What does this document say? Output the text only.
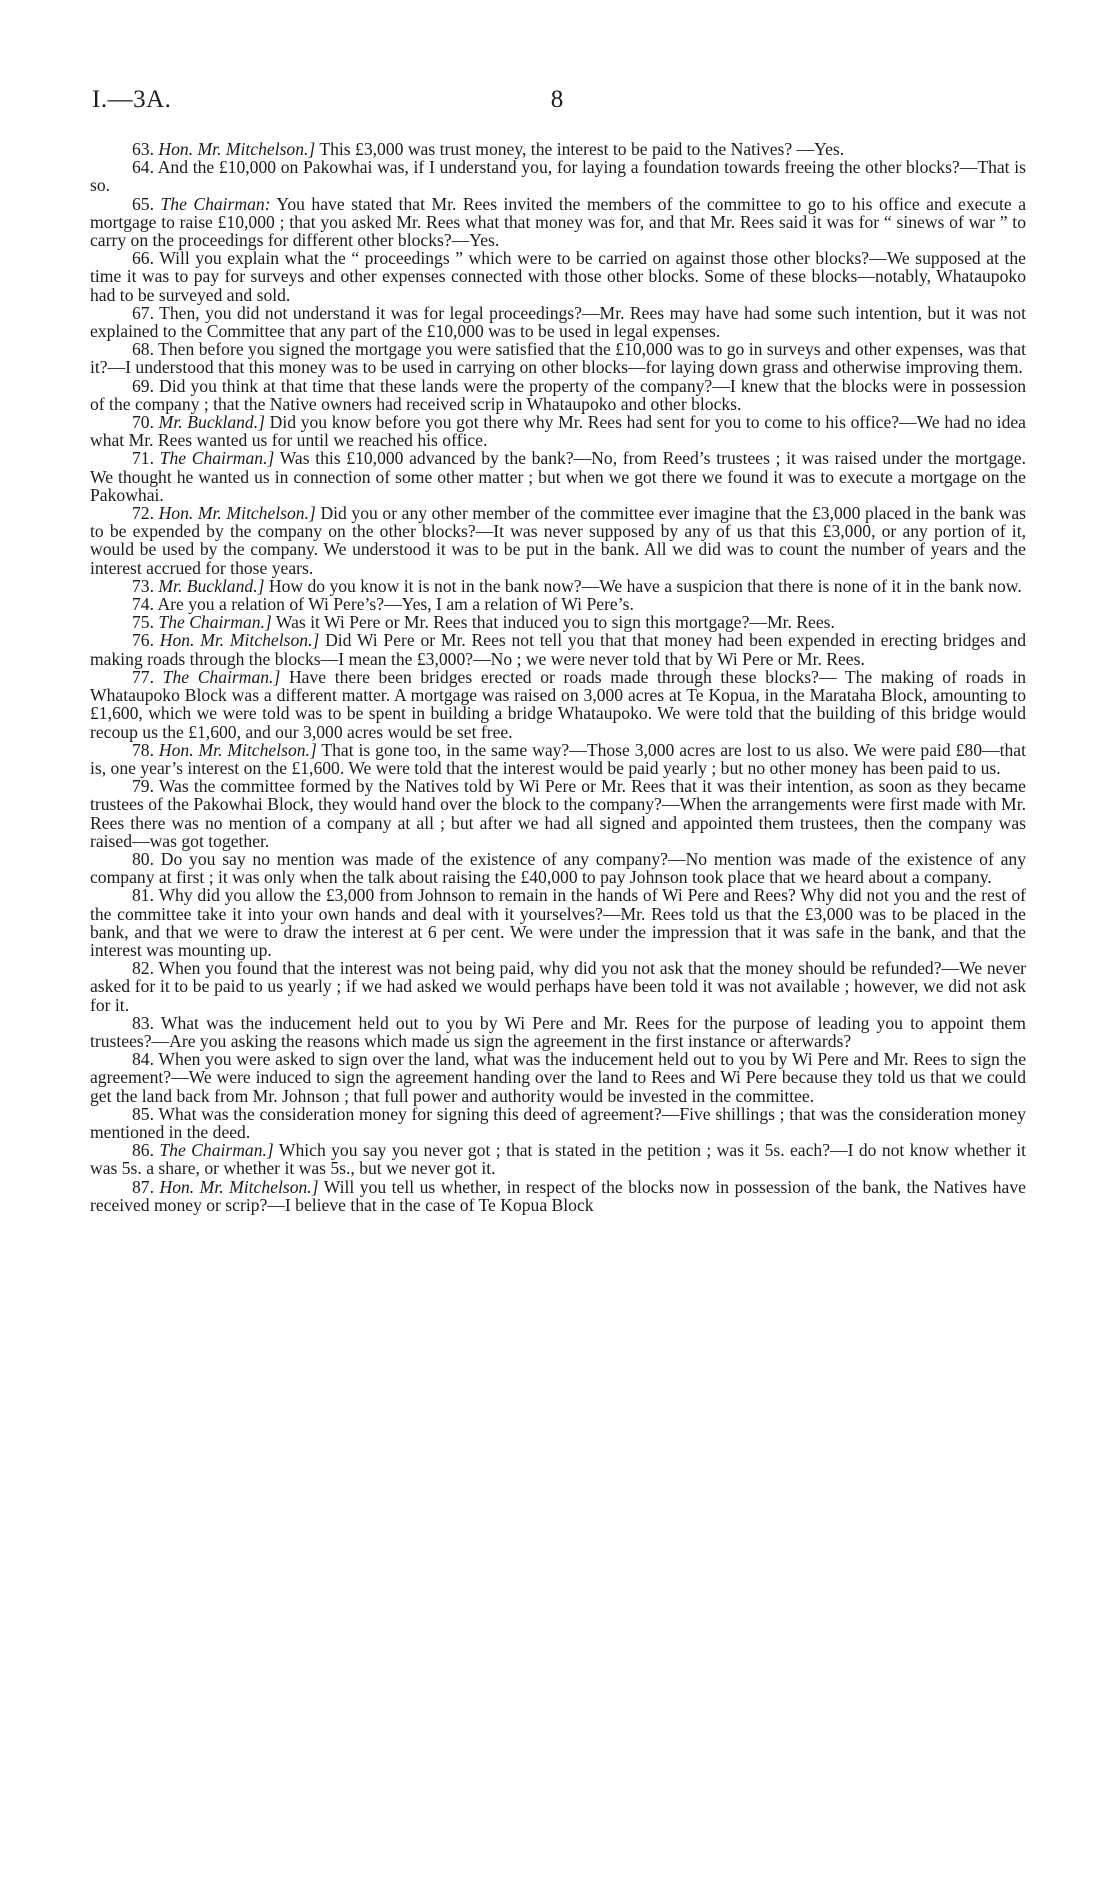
I.—3A.	8

63. Hon. Mr. Mitchelson.] This £3,000 was trust money, the interest to be paid to the Natives? —Yes.

64. And the £10,000 on Pakowhai was, if I understand you, for laying a foundation towards freeing the other blocks?—That is so.

65. The Chairman: You have stated that Mr. Rees invited the members of the committee to go to his office and execute a mortgage to raise £10,000 ; that you asked Mr. Rees what that money was for, and that Mr. Rees said it was for “ sinews of war ” to carry on the proceedings for different other blocks?—Yes.

66. Will you explain what the “ proceedings ” which were to be carried on against those other blocks?—We supposed at the time it was to pay for surveys and other expenses connected with those other blocks. Some of these blocks—notably, Whataupoko had to be surveyed and sold.

67. Then, you did not understand it was for legal proceedings?—Mr. Rees may have had some such intention, but it was not explained to the Committee that any part of the £10,000 was to be used in legal expenses.

68. Then before you signed the mortgage you were satisfied that the £10,000 was to go in surveys and other expenses, was that it?—I understood that this money was to be used in carrying on other blocks—for laying down grass and otherwise improving them.

69. Did you think at that time that these lands were the property of the company?—I knew that the blocks were in possession of the company ; that the Native owners had received scrip in Whataupoko and other blocks.

70. Mr. Buckland.] Did you know before you got there why Mr. Rees had sent for you to come to his office?—We had no idea what Mr. Rees wanted us for until we reached his office.

71. The Chairman.] Was this £10,000 advanced by the bank?—No, from Reed’s trustees ; it was raised under the mortgage. We thought he wanted us in connection of some other matter ; but when we got there we found it was to execute a mortgage on the Pakowhai.

72. Hon. Mr. Mitchelson.] Did you or any other member of the committee ever imagine that the £3,000 placed in the bank was to be expended by the company on the other blocks?—It was never supposed by any of us that this £3,000, or any portion of it, would be used by the company. We understood it was to be put in the bank. All we did was to count the number of years and the interest accrued for those years.

73. Mr. Buckland.] How do you know it is not in the bank now?—We have a suspicion that there is none of it in the bank now.

74. Are you a relation of Wi Pere’s?—Yes, I am a relation of Wi Pere’s.

75. The Chairman.] Was it Wi Pere or Mr. Rees that induced you to sign this mortgage?—Mr. Rees.

76. Hon. Mr. Mitchelson.] Did Wi Pere or Mr. Rees not tell you that that money had been expended in erecting bridges and making roads through the blocks—I mean the £3,000?—No ; we were never told that by Wi Pere or Mr. Rees.

77. The Chairman.] Have there been bridges erected or roads made through these blocks?— The making of roads in Whataupoko Block was a different matter. A mortgage was raised on 3,000 acres at Te Kopua, in the Marataha Block, amounting to £1,600, which we were told was to be spent in building a bridge Whataupoko. We were told that the building of this bridge would recoup us the £1,600, and our 3,000 acres would be set free.

78. Hon. Mr. Mitchelson.] That is gone too, in the same way?—Those 3,000 acres are lost to us also. We were paid £80—that is, one year’s interest on the £1,600. We were told that the interest would be paid yearly ; but no other money has been paid to us.

79. Was the committee formed by the Natives told by Wi Pere or Mr. Rees that it was their intention, as soon as they became trustees of the Pakowhai Block, they would hand over the block to the company?—When the arrangements were first made with Mr. Rees there was no mention of a company at all ; but after we had all signed and appointed them trustees, then the company was raised—was got together.

80. Do you say no mention was made of the existence of any company?—No mention was made of the existence of any company at first ; it was only when the talk about raising the £40,000 to pay Johnson took place that we heard about a company.

81. Why did you allow the £3,000 from Johnson to remain in the hands of Wi Pere and Rees? Why did not you and the rest of the committee take it into your own hands and deal with it yourselves?—Mr. Rees told us that the £3,000 was to be placed in the bank, and that we were to draw the interest at 6 per cent. We were under the impression that it was safe in the bank, and that the interest was mounting up.

82. When you found that the interest was not being paid, why did you not ask that the money should be refunded?—We never asked for it to be paid to us yearly ; if we had asked we would perhaps have been told it was not available ; however, we did not ask for it.

83. What was the inducement held out to you by Wi Pere and Mr. Rees for the purpose of leading you to appoint them trustees?—Are you asking the reasons which made us sign the agreement in the first instance or afterwards?

84. When you were asked to sign over the land, what was the inducement held out to you by Wi Pere and Mr. Rees to sign the agreement?—We were induced to sign the agreement handing over the land to Rees and Wi Pere because they told us that we could get the land back from Mr. Johnson ; that full power and authority would be invested in the committee.

85. What was the consideration money for signing this deed of agreement?—Five shillings ; that was the consideration money mentioned in the deed.

86. The Chairman.] Which you say you never got ; that is stated in the petition ; was it 5s. each?—I do not know whether it was 5s. a share, or whether it was 5s., but we never got it.

87. Hon. Mr. Mitchelson.] Will you tell us whether, in respect of the blocks now in possession of the bank, the Natives have received money or scrip?—I believe that in the case of Te Kopua Block
